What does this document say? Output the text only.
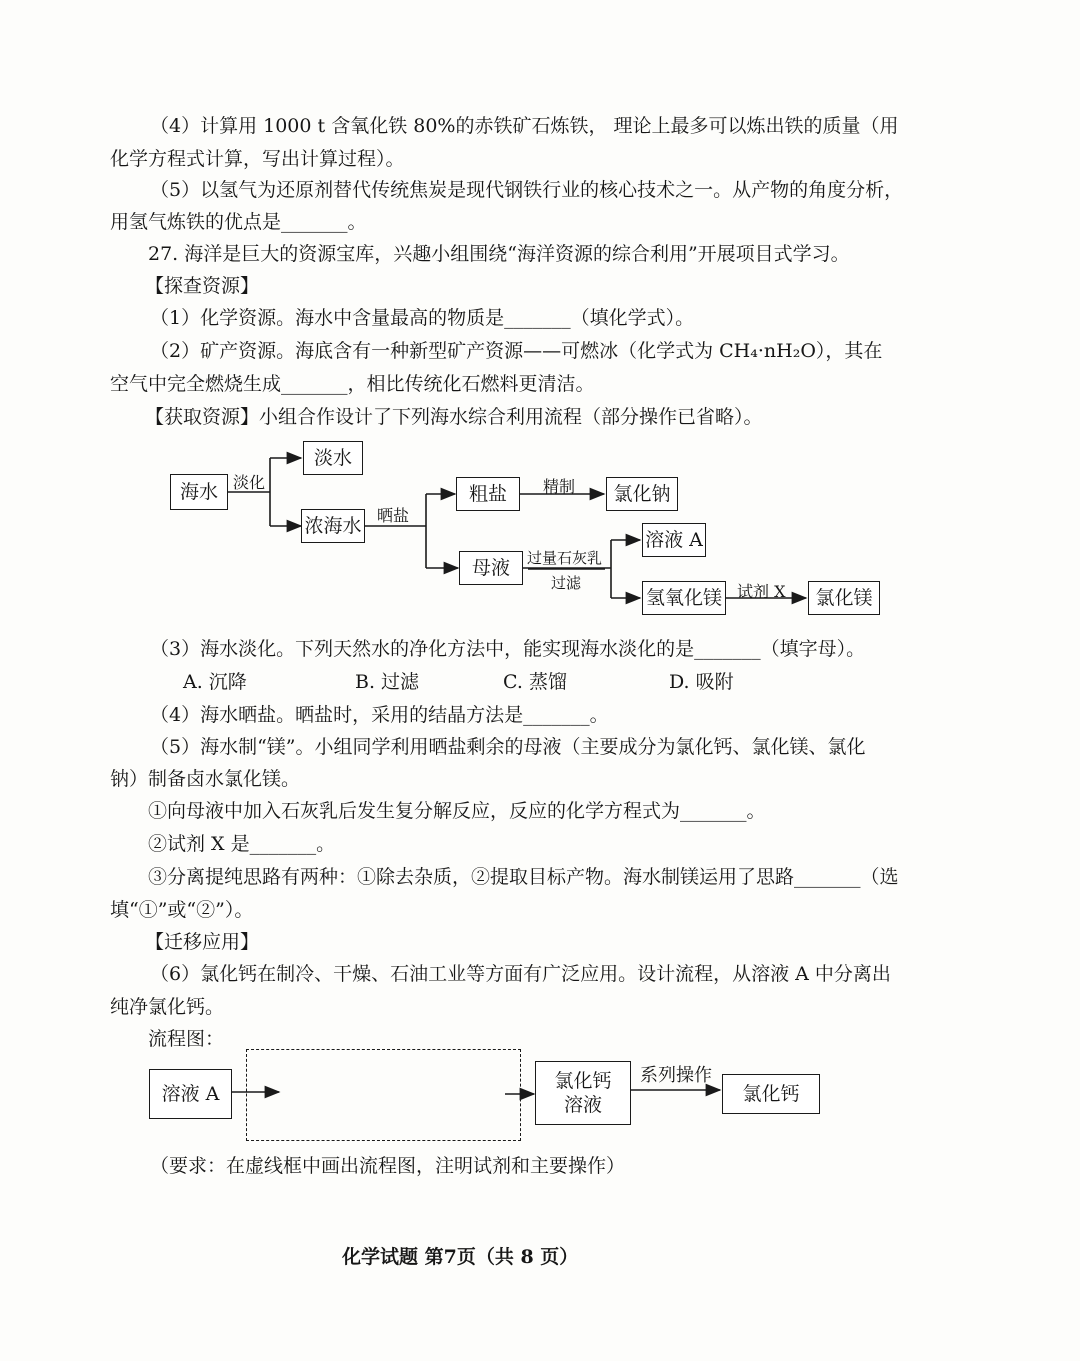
（4）计算用 1000 t 含氧化铁 80%的赤铁矿石炼铁， 理论上最多可以炼出铁的质量（用
化学方程式计算，写出计算过程）。
（5）以氢气为还原剂替代传统焦炭是现代钢铁行业的核心技术之一。从产物的角度分析，
用氢气炼铁的优点是_______。
27. 海洋是巨大的资源宝库，兴趣小组围绕“海洋资源的综合利用”开展项目式学习。
【探查资源】
（1）化学资源。海水中含量最高的物质是_______（填化学式）。
（2）矿产资源。海底含有一种新型矿产资源——可燃冰（化学式为 CH₄·nH₂O），其在
空气中完全燃烧生成_______，相比传统化石燃料更清洁。
【获取资源】小组合作设计了下列海水综合利用流程（部分操作已省略）。
海水 淡化
淡水
浓海水 晒盐
粗盐 精制 氯化钠
母液 过量石灰乳
过滤
溶液 A
氢氧化镁 试剂 X 氯化镁
（3）海水淡化。下列天然水的净化方法中，能实现海水淡化的是_______（填字母）。
A. 沉降	B. 过滤	C. 蒸馏	D. 吸附
（4）海水晒盐。晒盐时，采用的结晶方法是_______。
（5）海水制“镁”。小组同学利用晒盐剩余的母液（主要成分为氯化钙、氯化镁、氯化
钠）制备卤水氯化镁。
①向母液中加入石灰乳后发生复分解反应，反应的化学方程式为_______。
②试剂 X 是_______。
③分离提纯思路有两种：①除去杂质，②提取目标产物。海水制镁运用了思路_______（选
填“①”或“②”）。
【迁移应用】
（6）氯化钙在制冷、干燥、石油工业等方面有广泛应用。设计流程，从溶液 A 中分离出
纯净氯化钙。
流程图：
溶液 A
氯化钙
溶液
系列操作
氯化钙
（要求：在虚线框中画出流程图，注明试剂和主要操作）
化学试题 第7页（共 8 页）
